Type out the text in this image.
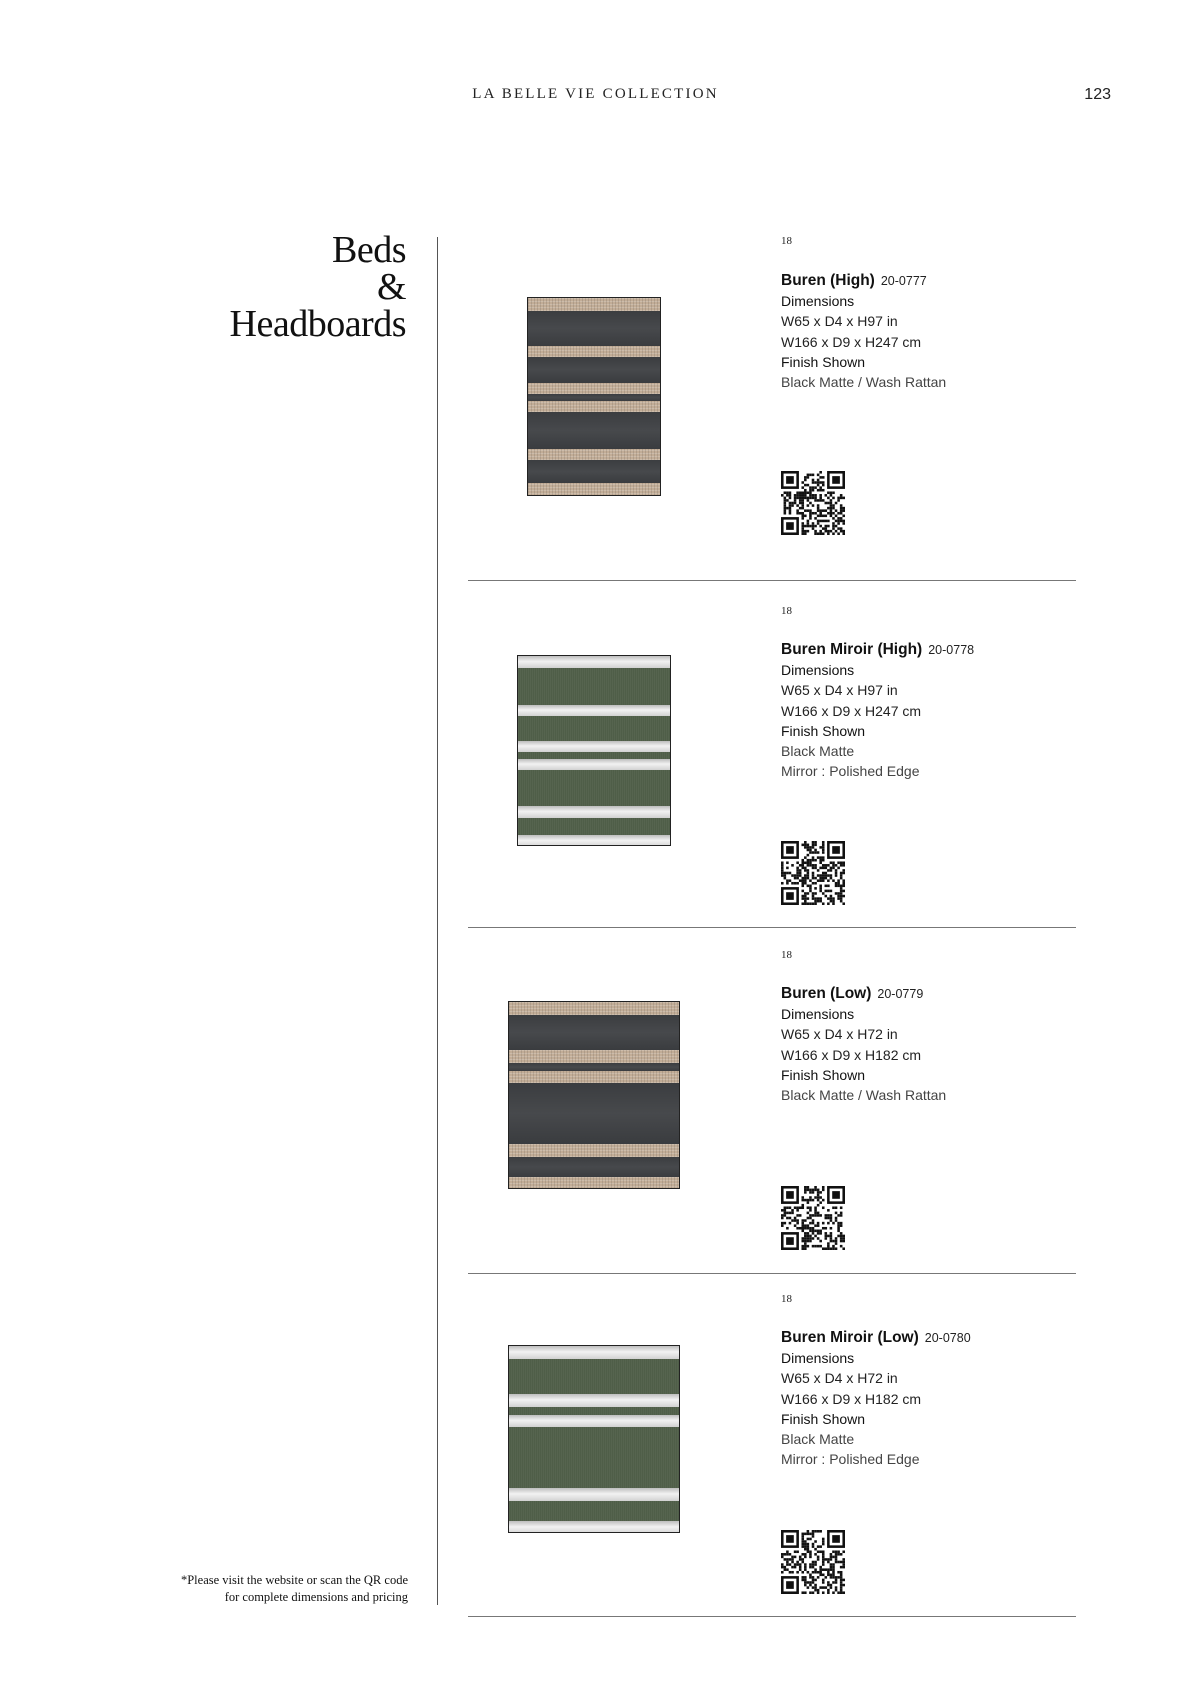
LA BELLE VIE COLLECTION	123
Beds
&
Headboards
*Please visit the website or scan the QR code
for complete dimensions and pricing
18
Buren (High) 20-0777
Dimensions
W65 x D4 x H97 in
W166 x D9 x H247 cm
Finish Shown
Black Matte / Wash Rattan
18
Buren Miroir (High) 20-0778
Dimensions
W65 x D4 x H97 in
W166 x D9 x H247 cm
Finish Shown
Black Matte
Mirror : Polished Edge
18
Buren (Low) 20-0779
Dimensions
W65 x D4 x H72 in
W166 x D9 x H182 cm
Finish Shown
Black Matte / Wash Rattan
18
Buren Miroir (Low) 20-0780
Dimensions
W65 x D4 x H72 in
W166 x D9 x H182 cm
Finish Shown
Black Matte
Mirror : Polished Edge
